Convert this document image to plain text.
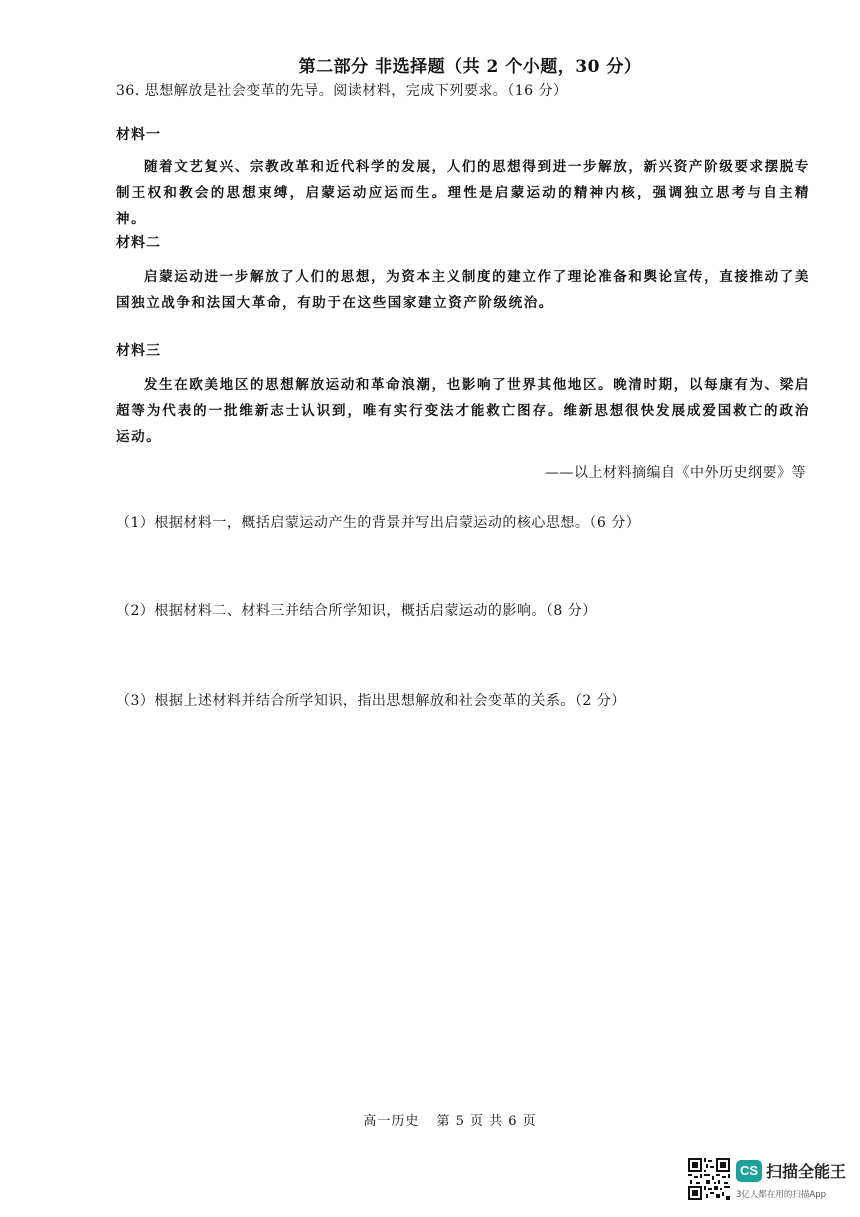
第二部分 非选择题（共 2 个小题，30 分）
36. 思想解放是社会变革的先导。阅读材料，完成下列要求。（16 分）
材料一
随着文艺复兴、宗教改革和近代科学的发展，人们的思想得到进一步解放，新兴资产阶级要求摆脱专制王权和教会的思想束缚，启蒙运动应运而生。理性是启蒙运动的精神内核，强调独立思考与自主精神。
材料二
启蒙运动进一步解放了人们的思想，为资本主义制度的建立作了理论准备和舆论宣传，直接推动了美国独立战争和法国大革命，有助于在这些国家建立资产阶级统治。
材料三
发生在欧美地区的思想解放运动和革命浪潮，也影响了世界其他地区。晚清时期，以每康有为、梁启超等为代表的一批维新志士认识到，唯有实行变法才能救亡图存。维新思想很快发展成爱国救亡的政治运动。
——以上材料摘编自《中外历史纲要》等
（1）根据材料一，概括启蒙运动产生的背景并写出启蒙运动的核心思想。（6 分）
（2）根据材料二、材料三并结合所学知识，概括启蒙运动的影响。（8 分）
（3）根据上述材料并结合所学知识，指出思想解放和社会变革的关系。（2 分）
高一历史 第 5 页 共 6 页
CS 扫描全能王
3亿人都在用的扫描App
